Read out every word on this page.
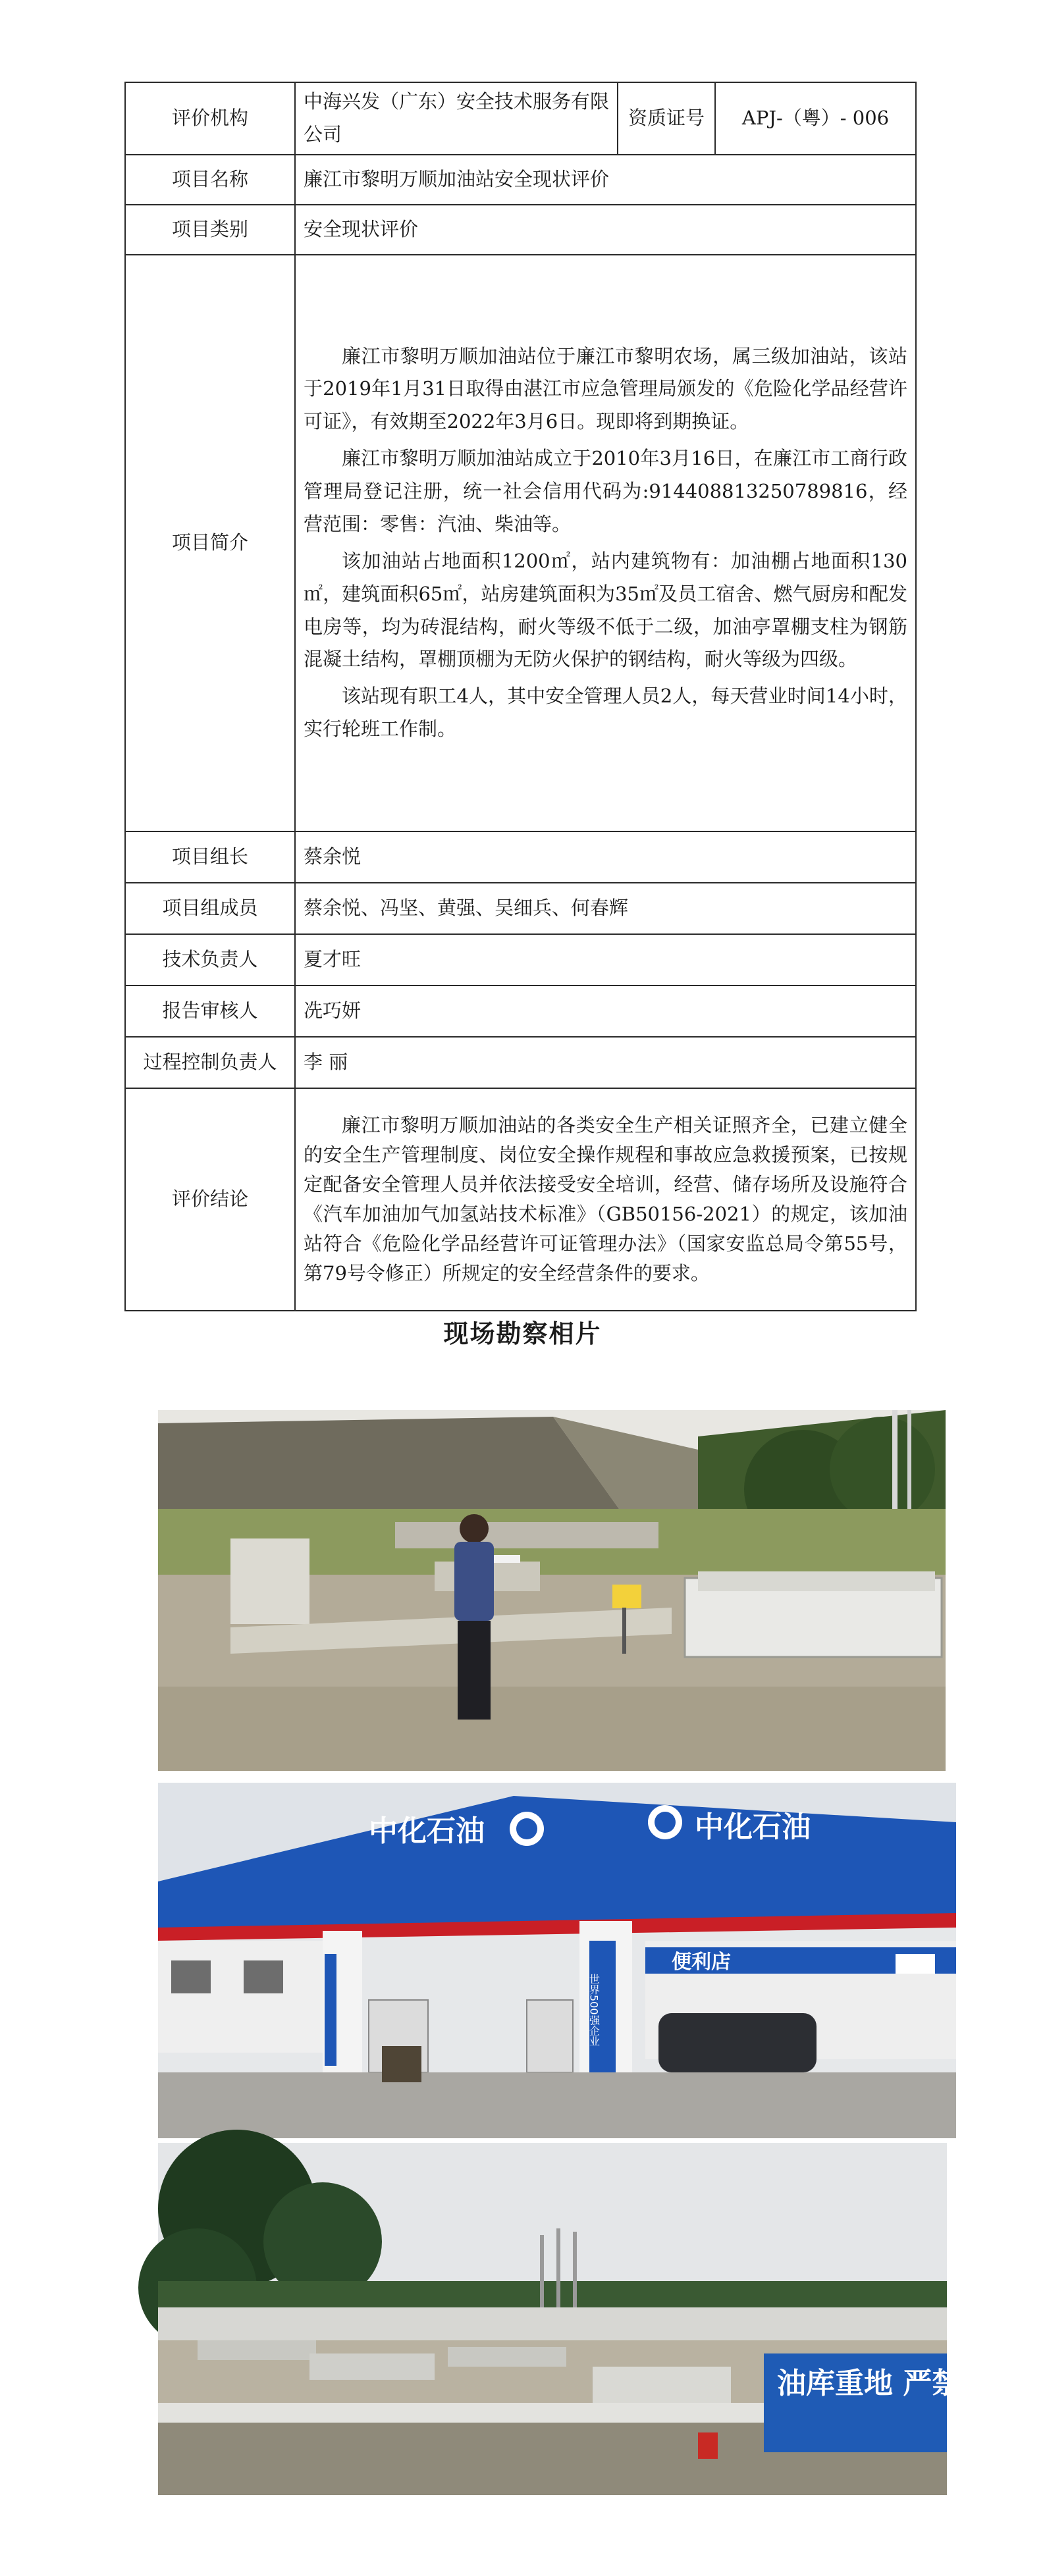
评价机构	中海兴发（广东）安全技术服务有限公司	资质证号	APJ-（粤）- 006
项目名称	廉江市黎明万顺加油站安全现状评价		
项目类别	安全现状评价		
项目简介	廉江市黎明万顺加油站位于廉江市黎明农场，属三级加油站，该站于2019年1月31日取得由湛江市应急管理局颁发的《危险化学品经营许可证》，有效期至2022年3月6日。现即将到期换证。

廉江市黎明万顺加油站成立于2010年3月16日，在廉江市工商行政管理局登记注册，统一社会信用代码为:91440881325078981​6，经营范围：零售：汽油、柴油等。

该加油站占地面积1200㎡，站内建筑物有：加油棚占地面积130㎡，建筑面积65㎡，站房建筑面积为35㎡及员工宿舍、燃气厨房和配发电房等，均为砖混结构，耐火等级不低于二级，加油亭罩棚支柱为钢筋混凝土结构，罩棚顶棚为无防火保护的钢结构，耐火等级为四级。

该站现有职工4人，其中安全管理人员2人，每天营业时间14小时，实行轮班工作制。		

项目组长	蔡余悦		
项目组成员	蔡余悦、冯坚、黄强、吴细兵、何春辉		
技术负责人	夏才旺		
报告审核人	冼巧妍		
过程控制负责人	李 丽		
评价结论	廉江市黎明万顺加油站的各类安全生产相关证照齐全，已建立健全的安全生产管理制度、岗位安全操作规程和事故应急救援预案，已按规定配备安全管理人员并依法接受安全培训，经营、储存场所及设施符合《汽车加油加气加氢站技术标准》（GB50156-2021）的规定，该加油站符合《危险化学品经营许可证管理办法》（国家安监总局令第55号，第79号令修正）所规定的安全经营条件的要求。		

现场勘察相片
中化石油	中化石油
便利店
世界500强企业
油库重地 严禁烟火
